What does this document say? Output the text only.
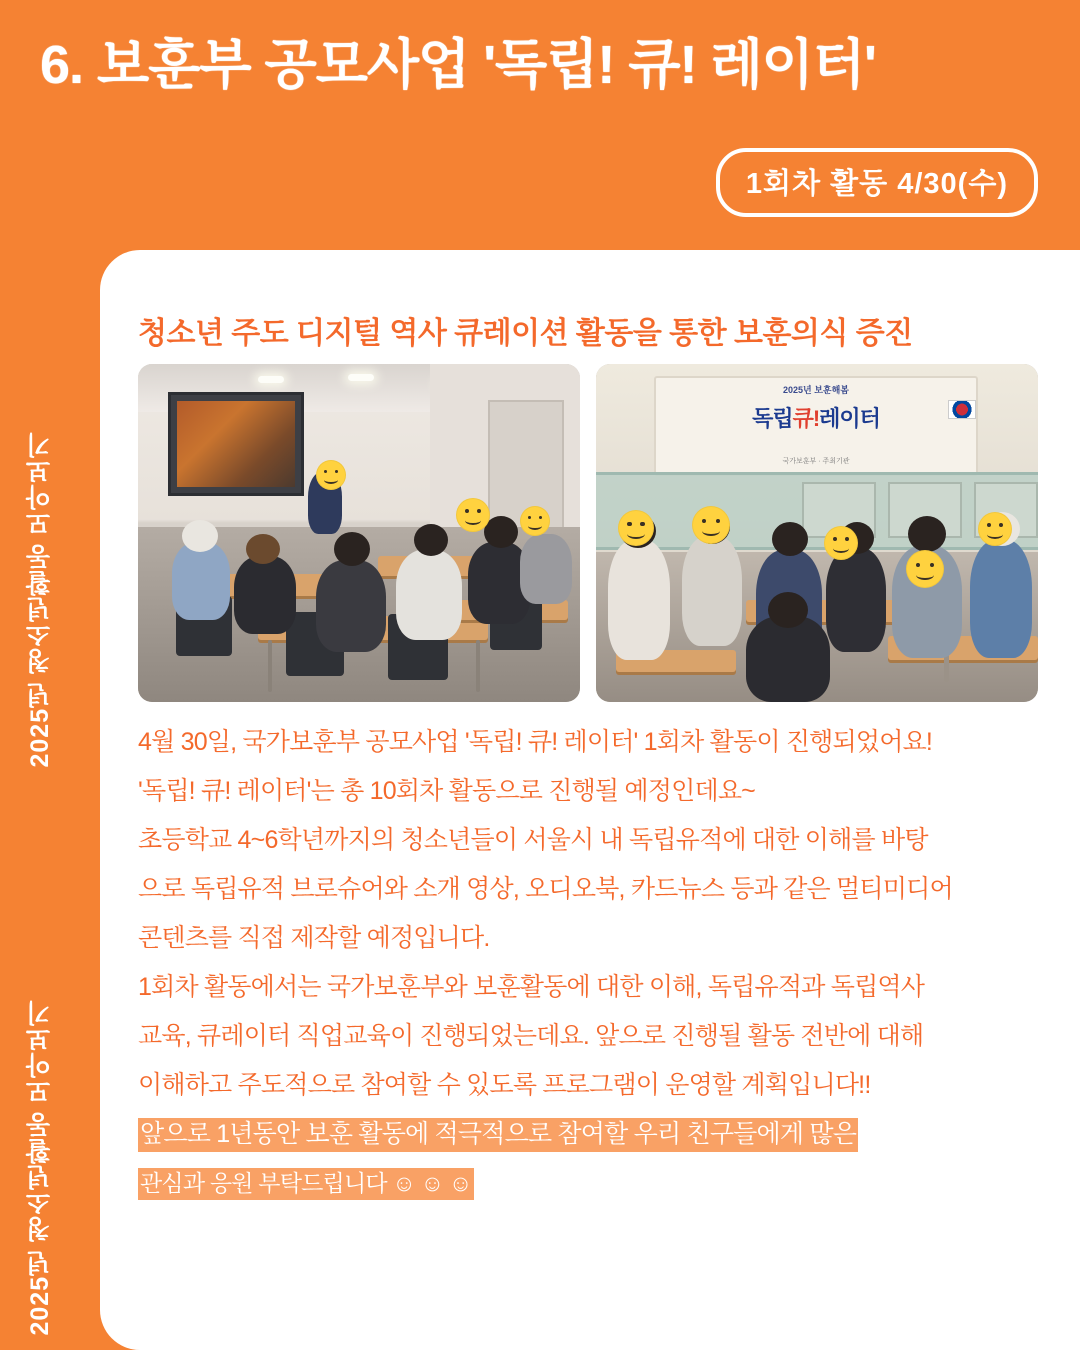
6. 보훈부 공모사업 '독립! 큐! 레이터'
1회차 활동 4/30(수)
2025년 청소년활동 모아보기
2025년 청소년활동 모아보기
청소년 주도 디지털 역사 큐레이션 활동을 통한 보훈의식 증진
2025년 보훈해봄
독립큐!레이터
국가보훈부 · 주최기관

4월 30일, 국가보훈부 공모사업 '독립! 큐! 레이터' 1회차 활동이 진행되었어요!

'독립! 큐! 레이터'는 총 10회차 활동으로 진행될 예정인데요~

초등학교 4~6학년까지의 청소년들이 서울시 내 독립유적에 대한 이해를 바탕

으로 독립유적 브로슈어와 소개 영상, 오디오북, 카드뉴스 등과 같은 멀티미디어

콘텐츠를 직접 제작할 예정입니다.

1회차 활동에서는 국가보훈부와 보훈활동에 대한 이해, 독립유적과 독립역사

교육, 큐레이터 직업교육이 진행되었는데요. 앞으로 진행될 활동 전반에 대해

이해하고 주도적으로 참여할 수 있도록 프로그램이 운영할 계획입니다!!

앞으로 1년동안 보훈 활동에 적극적으로 참여할 우리 친구들에게 많은

관심과 응원 부탁드립니다 ☺ ☺ ☺
